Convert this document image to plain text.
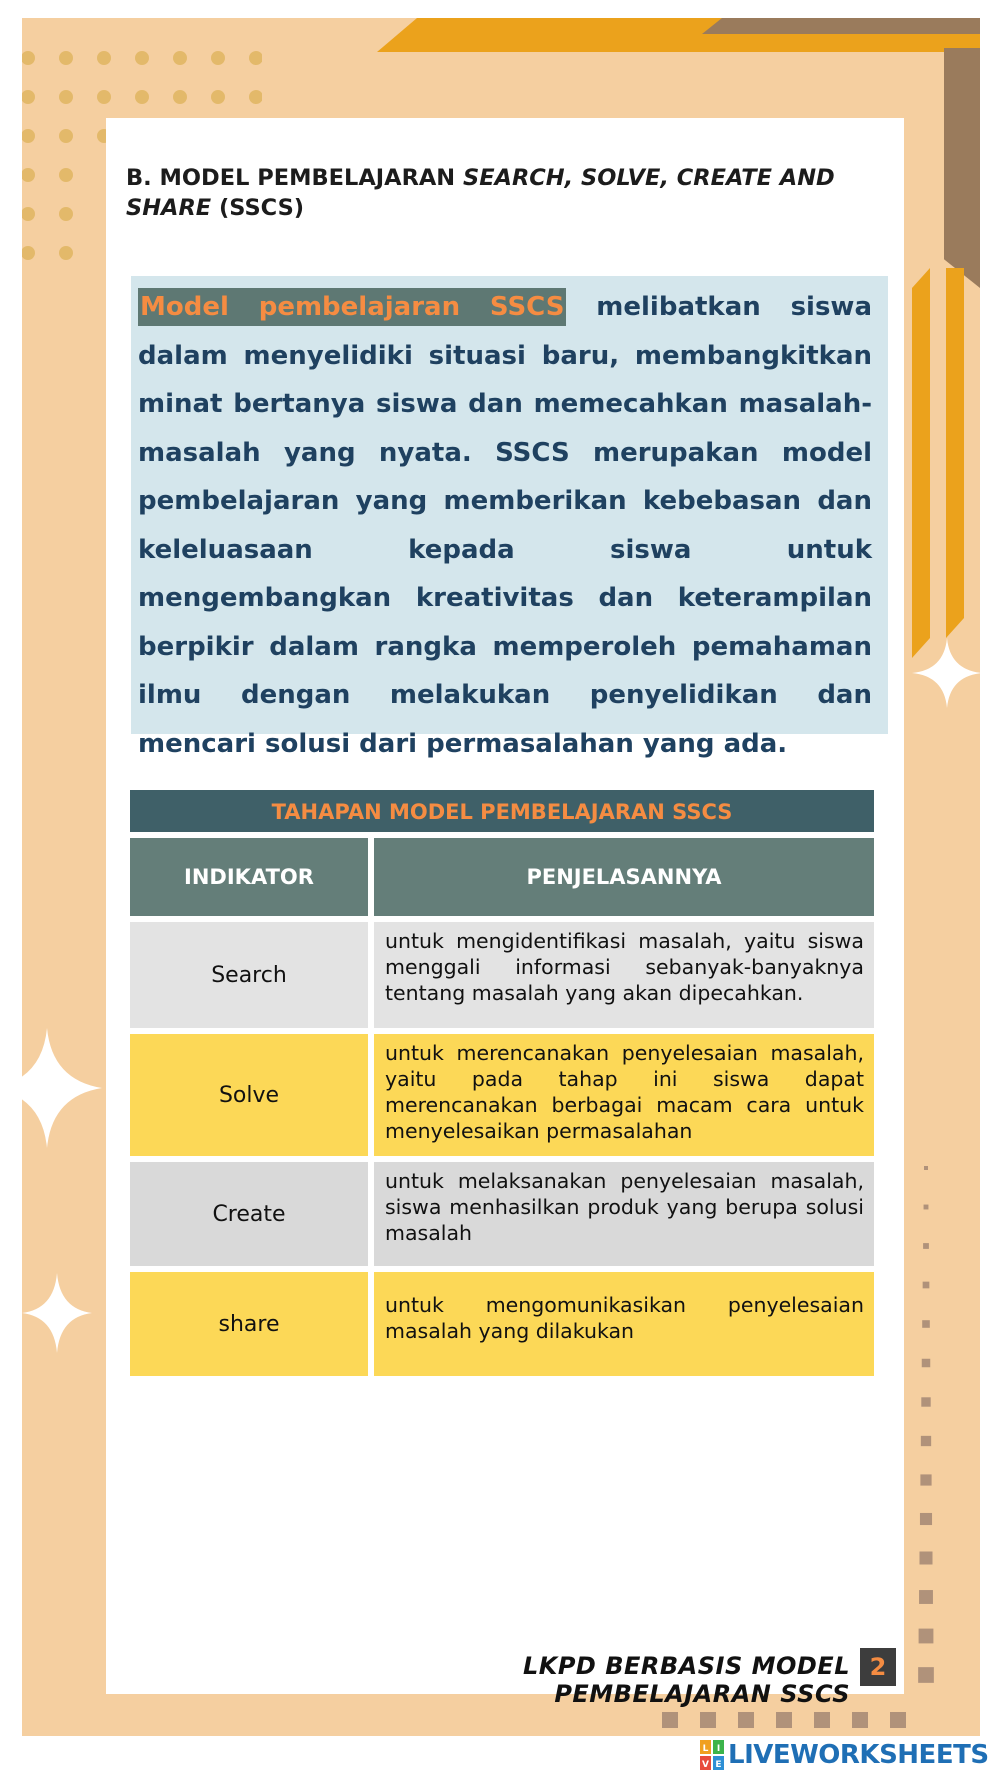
B. MODEL PEMBELAJARAN SEARCH, SOLVE, CREATE AND SHARE (SSCS)
Model pembelajaran SSCS melibatkan siswa dalam menyelidiki situasi baru, membangkitkan minat bertanya siswa dan memecahkan masalah-masalah yang nyata. SSCS merupakan model pembelajaran yang memberikan kebebasan dan keleluasaan kepada siswa untuk mengembangkan kreativitas dan keterampilan berpikir dalam rangka memperoleh pemahaman ilmu dengan melakukan penyelidikan dan mencari solusi dari permasalahan yang ada.
TAHAPAN MODEL PEMBELAJARAN SSCS
INDIKATOR	PENJELASANNYA
Search
untuk mengidentifikasi masalah, yaitu siswa menggali informasi sebanyak-banyaknya tentang masalah yang akan dipecahkan.
Solve
untuk merencanakan penyelesaian masalah, yaitu pada tahap ini siswa dapat merencanakan berbagai macam cara untuk menyelesaikan permasalahan
Create
untuk melaksanakan penyelesaian masalah, siswa menhasilkan produk yang berupa solusi masalah
share
untuk mengomunikasikan penyelesaian masalah yang dilakukan
LKPD BERBASIS MODEL PEMBELAJARAN SSCS
2
L I
V E LIVEWORKSHEETS
